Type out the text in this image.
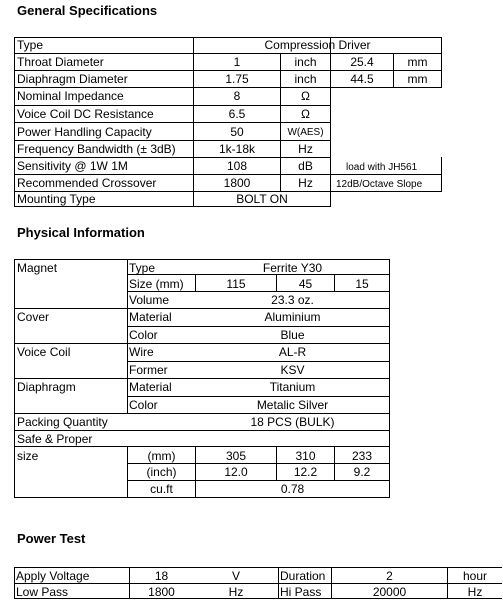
General Specifications
Physical Information
Power Test
Type	Compression Driver
Throat Diameter	1	inch	25.4	mm
Diaphragm Diameter	1.75	inch	44.5	mm
Nominal Impedance	8	Ω
Voice Coil DC Resistance	6.5	Ω
Power Handling Capacity	50	W(AES)
Frequency Bandwidth (± 3dB)	1k-18k	Hz
Sensitivity @ 1W 1M	108	dB	load with JH561
Recommended Crossover	1800	Hz	12dB/Octave Slope
Mounting Type	BOLT ON
Magnet	Type	Ferrite Y30
Size (mm)	115	45	15
Volume	23.3 oz.
Cover	Material	Aluminium
Color	Blue
Voice Coil	Wire	AL-R
Former	KSV
Diaphragm	Material	Titanium
Color	Metalic Silver
Packing Quantity	18 PCS (BULK)
Safe & Proper
size	(mm)	305	310	233
(inch)	12.0	12.2	9.2
cu.ft	0.78
Apply Voltage	18	V	Duration	2	hour
Low Pass	1800	Hz	Hi Pass	20000	Hz
